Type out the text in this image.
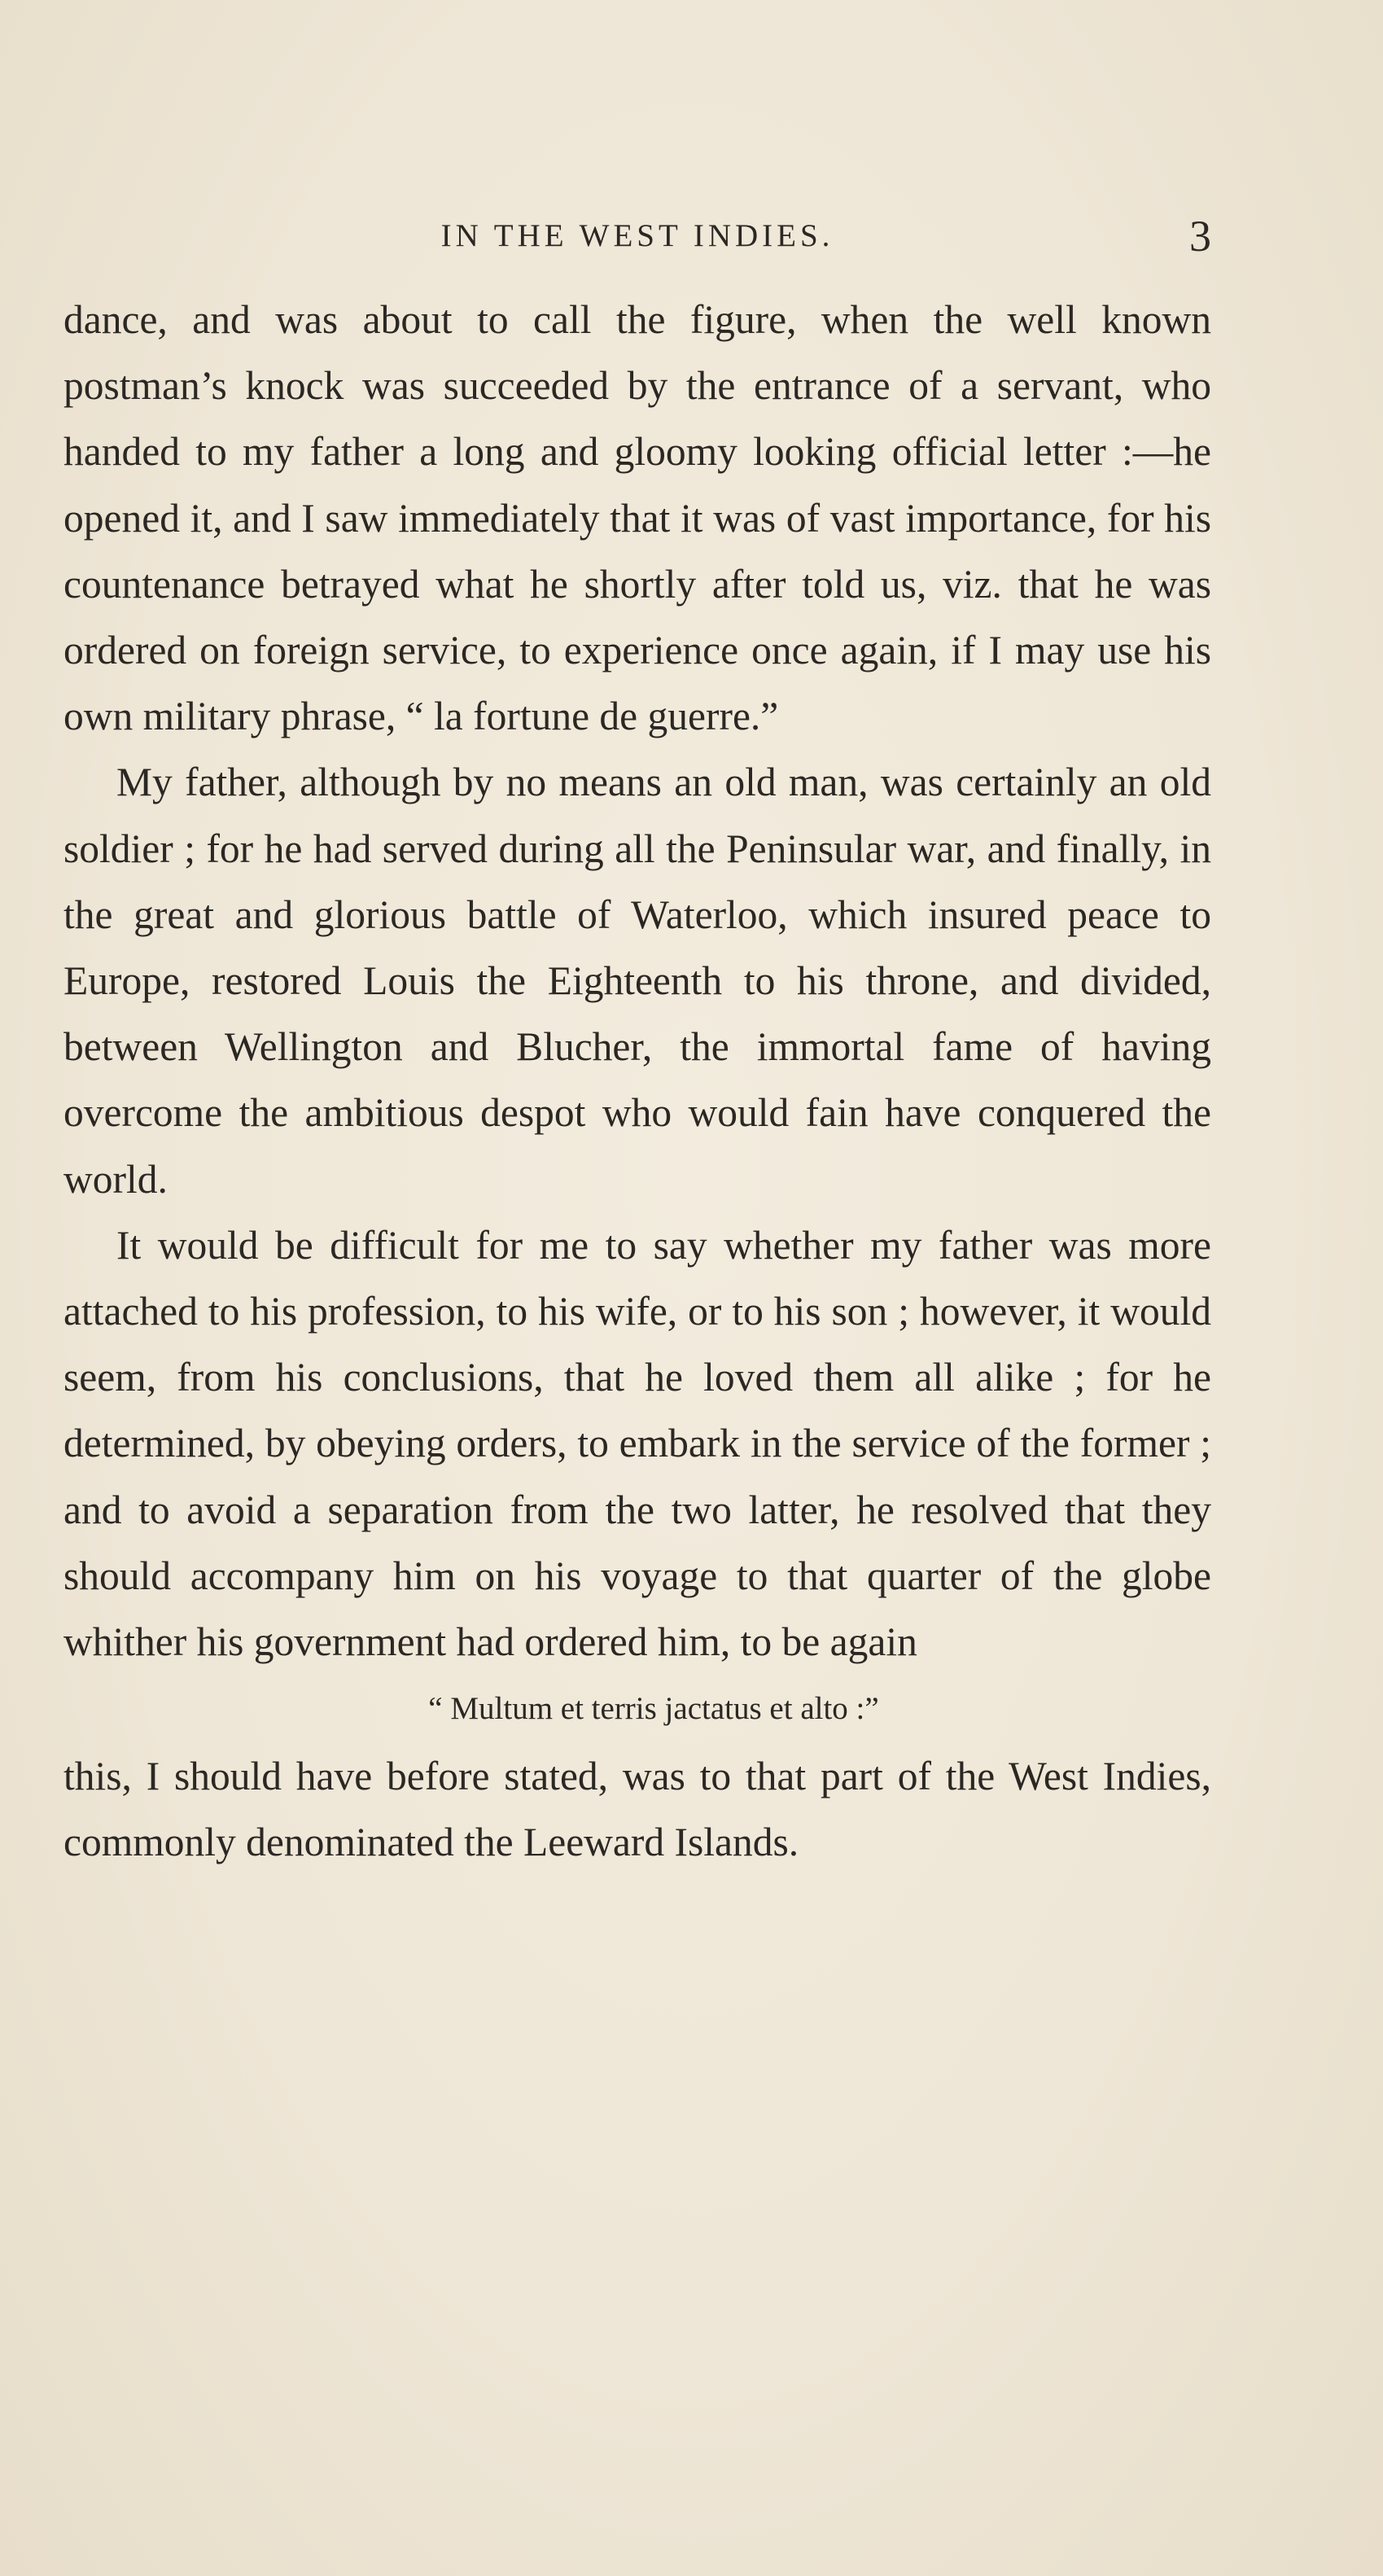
IN THE WEST INDIES.	3

dance, and was about to call the figure, when the well known postman’s knock was succeeded by the entrance of a servant, who handed to my father a long and gloomy looking official letter :—he opened it, and I saw immediately that it was of vast importance, for his countenance betrayed what he shortly after told us, viz. that he was ordered on foreign service, to experience once again, if I may use his own military phrase, “ la fortune de guerre.”

My father, although by no means an old man, was certainly an old soldier ; for he had served during all the Peninsular war, and finally, in the great and glorious battle of Waterloo, which insured peace to Europe, restored Louis the Eighteenth to his throne, and divided, between Wellington and Blucher, the immortal fame of having overcome the ambitious despot who would fain have conquered the world.

It would be difficult for me to say whether my father was more attached to his profession, to his wife, or to his son ; however, it would seem, from his conclusions, that he loved them all alike ; for he determined, by obeying orders, to embark in the service of the former ; and to avoid a separation from the two latter, he resolved that they should accompany him on his voyage to that quarter of the globe whither his government had ordered him, to be again

“ Multum et terris jactatus et alto :”

this, I should have before stated, was to that part of the West Indies, commonly denominated the Leeward Islands.
